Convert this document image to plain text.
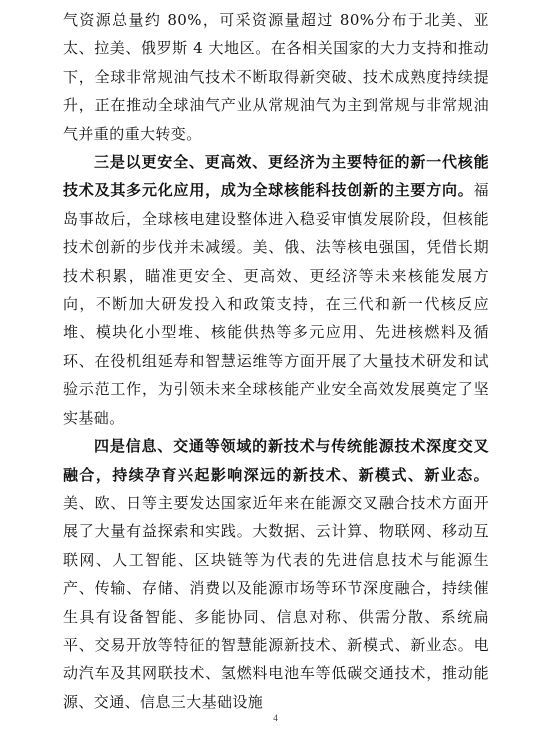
气资源总量约 80%，可采资源量超过 80%分布于北美、亚太、拉美、俄罗斯 4 大地区。在各相关国家的大力支持和推动下，全球非常规油气技术不断取得新突破、技术成熟度持续提升，正在推动全球油气产业从常规油气为主到常规与非常规油气并重的重大转变。

三是以更安全、更高效、更经济为主要特征的新一代核能技术及其多元化应用，成为全球核能科技创新的主要方向。福岛事故后，全球核电建设整体进入稳妥审慎发展阶段，但核能技术创新的步伐并未减缓。美、俄、法等核电强国，凭借长期技术积累，瞄准更安全、更高效、更经济等未来核能发展方向，不断加大研发投入和政策支持，在三代和新一代核反应堆、模块化小型堆、核能供热等多元应用、先进核燃料及循环、在役机组延寿和智慧运维等方面开展了大量技术研发和试验示范工作，为引领未来全球核能产业安全高效发展奠定了坚实基础。

四是信息、交通等领域的新技术与传统能源技术深度交叉融合，持续孕育兴起影响深远的新技术、新模式、新业态。美、欧、日等主要发达国家近年来在能源交叉融合技术方面开展了大量有益探索和实践。大数据、云计算、物联网、移动互联网、人工智能、区块链等为代表的先进信息技术与能源生产、传输、存储、消费以及能源市场等环节深度融合，持续催生具有设备智能、多能协同、信息对称、供需分散、系统扁平、交易开放等特征的智慧能源新技术、新模式、新业态。电动汽车及其网联技术、氢燃料电池车等低碳交通技术，推动能源、交通、信息三大基础设施

4
